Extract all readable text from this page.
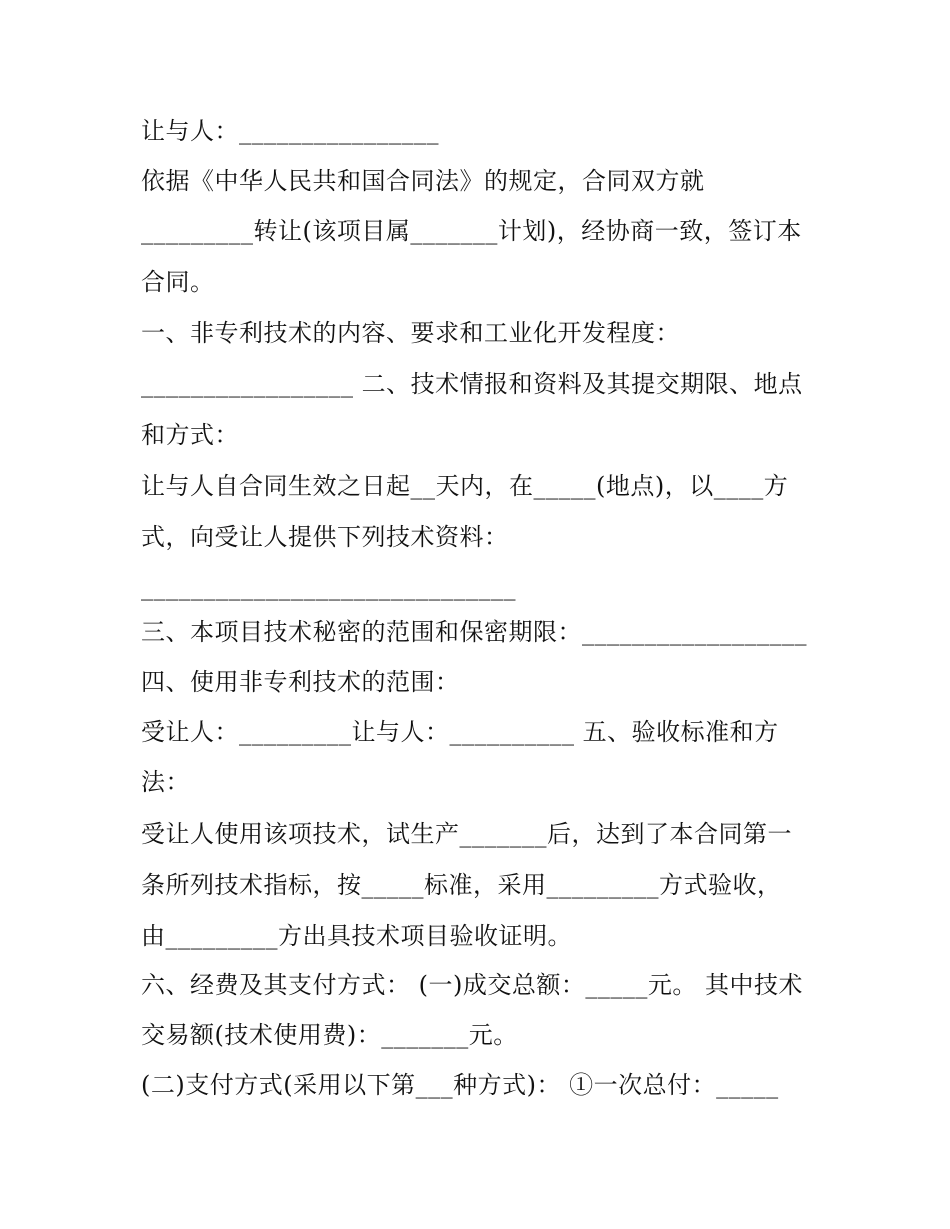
让与人：________________
依据《中华人民共和国合同法》的规定，合同双方就
_________转让(该项目属_______计划)，经协商一致，签订本
合同。
一、非专利技术的内容、要求和工业化开发程度：
_________________ 二、技术情报和资料及其提交期限、地点
和方式：
让与人自合同生效之日起__天内，在_____(地点)，以____方
式，向受让人提供下列技术资料：
______________________________
三、本项目技术秘密的范围和保密期限：__________________
四、使用非专利技术的范围：
受让人：_________让与人：__________ 五、验收标准和方
法：
受让人使用该项技术，试生产_______后，达到了本合同第一
条所列技术指标，按_____标准，采用_________方式验收，
由_________方出具技术项目验收证明。
六、经费及其支付方式： (一)成交总额：_____元。 其中技术
交易额(技术使用费)：_______元。
(二)支付方式(采用以下第___种方式)： ①一次总付：_____
